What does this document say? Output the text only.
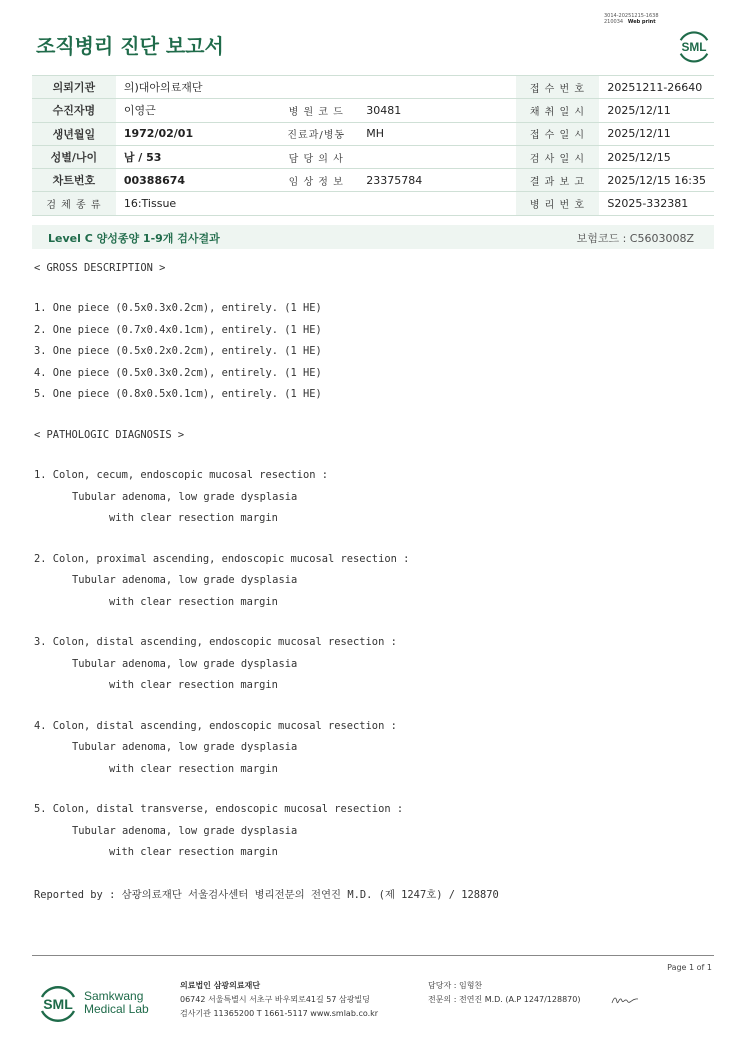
3014-20251215-1638
210034 Web print
조직병리 진단 보고서	SML
의뢰기관	의)대아의료재단			접 수 번 호	20251211-26640
수진자명	이영근	병 원 코 드	30481	채 취 일 시	2025/12/11
생년월일	1972/02/01	진료과/병동	MH	접 수 일 시	2025/12/11
성별/나이	남 / 53	담 당 의 사		검 사 일 시	2025/12/15
차트번호	00388674	임 상 정 보	23375784	결 과 보 고	2025/12/15 16:35
검 체 종 류	16:Tissue			병 리 번 호	S2025-332381
Level C 양성종양 1-9개 검사결과	보험코드 : C5603008Z
< GROSS DESCRIPTION >
1. One piece (0.5x0.3x0.2cm), entirely. (1 HE)
2. One piece (0.7x0.4x0.1cm), entirely. (1 HE)
3. One piece (0.5x0.2x0.2cm), entirely. (1 HE)
4. One piece (0.5x0.3x0.2cm), entirely. (1 HE)
5. One piece (0.8x0.5x0.1cm), entirely. (1 HE)
< PATHOLOGIC DIAGNOSIS >
1. Colon, cecum, endoscopic mucosal resection :
Tubular adenoma, low grade dysplasia
with clear resection margin
2. Colon, proximal ascending, endoscopic mucosal resection :
Tubular adenoma, low grade dysplasia
with clear resection margin
3. Colon, distal ascending, endoscopic mucosal resection :
Tubular adenoma, low grade dysplasia
with clear resection margin
4. Colon, distal ascending, endoscopic mucosal resection :
Tubular adenoma, low grade dysplasia
with clear resection margin
5. Colon, distal transverse, endoscopic mucosal resection :
Tubular adenoma, low grade dysplasia
with clear resection margin
Reported by : 삼광의료재단 서울검사센터 병리전문의 전연진 M.D. (제 1247호) / 128870
Page 1 of 1
SML Samkwang
Medical Lab
의료법인 삼광의료재단
06742 서울특별시 서초구 바우뫼로41길 57 삼광빌딩
검사기관 11365200 T 1661-5117 www.smlab.co.kr
담당자 : 임형찬
전문의 : 전연진 M.D. (A.P 1247/128870)
